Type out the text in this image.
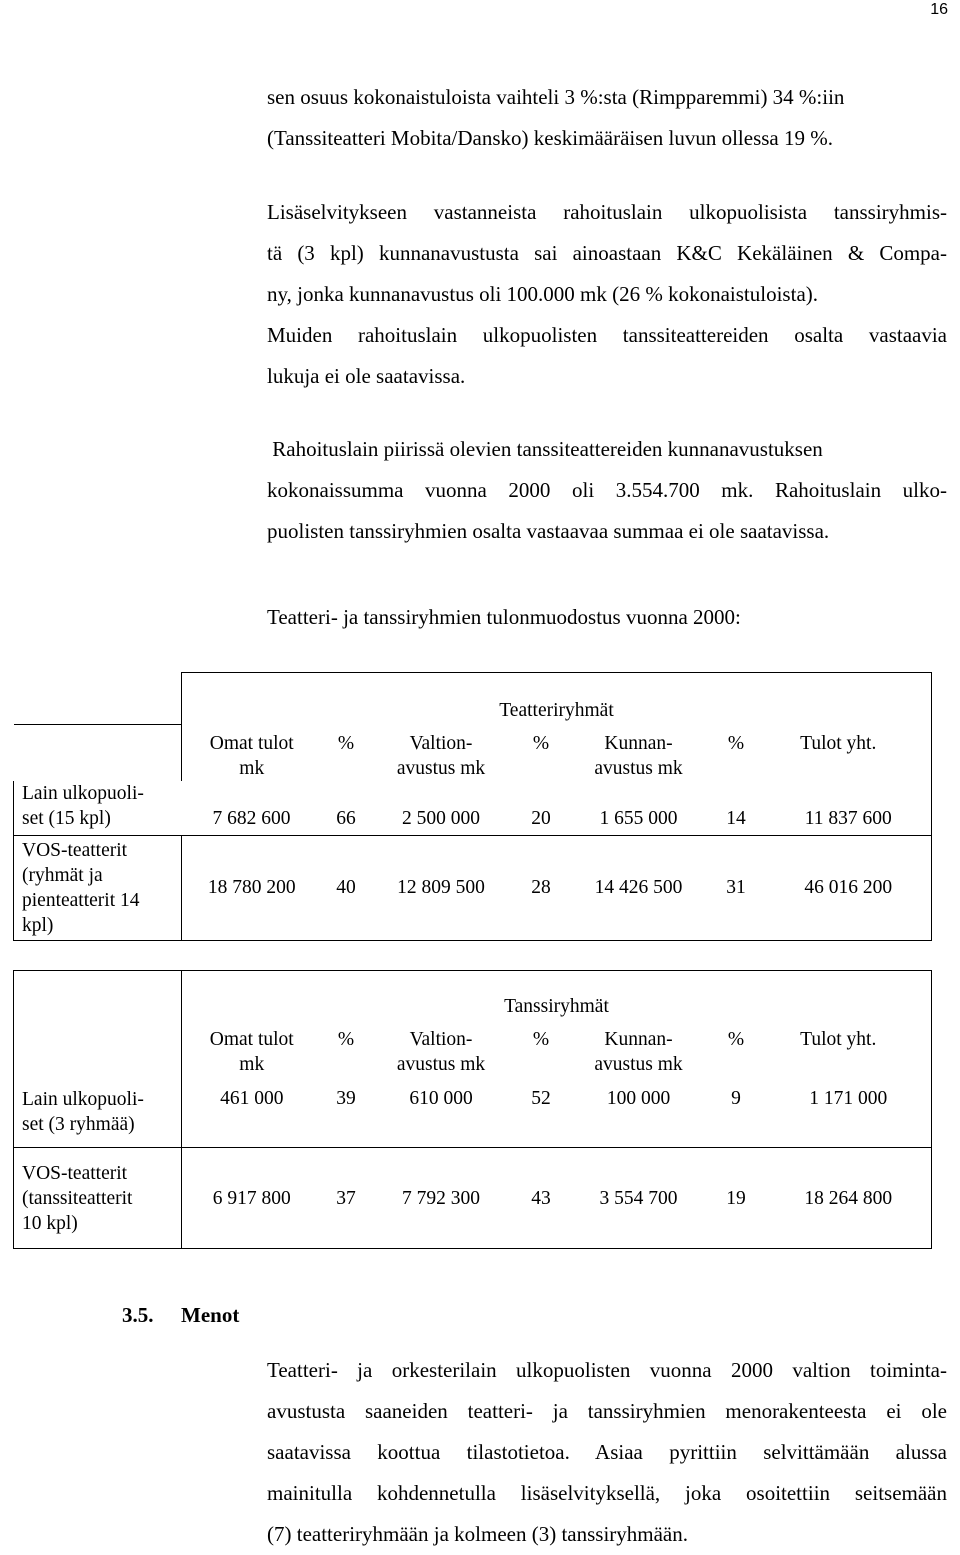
16
sen osuus kokonaistuloista vaihteli 3 %:sta (Rimpparemmi) 34 %:iin
(Tanssiteatteri Mobita/Dansko) keskimääräisen luvun ollessa 19 %.
Lisäselvitykseen vastanneista rahoituslain ulkopuolisista tanssiryhmis-
tä (3 kpl) kunnanavustusta sai ainoastaan K&C Kekäläinen & Compa-
ny, jonka kunnanavustus oli 100.000 mk (26 % kokonaistuloista).
Muiden rahoituslain ulkopuolisten tanssiteattereiden osalta vastaavia
lukuja ei ole saatavissa.
Rahoituslain piirissä olevien tanssiteattereiden kunnanavustuksen
kokonaissumma vuonna 2000 oli 3.554.700 mk. Rahoituslain ulko-
puolisten tanssiryhmien osalta vastaavaa summaa ei ole saatavissa.
Teatteri- ja tanssiryhmien tulonmuodostus vuonna 2000:
	Teatteriryhmät						
	Omat tulot
mk	%	Valtion-
avustus mk	%	Kunnan-
avustus mk	%	Tulot yht.
Lain ulkopuoli-
set (15 kpl)	7 682 600	66	2 500 000	20	1 655 000	14	11 837 600
VOS-teatterit
(ryhmät ja
pienteatterit 14
kpl)	18 780 200	40	12 809 500	28	14 426 500	31	46 016 200
	Tanssiryhmät						
	Omat tulot
mk	%	Valtion-
avustus mk	%	Kunnan-
avustus mk	%	Tulot yht.
Lain ulkopuoli-
set (3 ryhmää)	461 000	39	610 000	52	100 000	9	1 171 000
VOS-teatterit
(tanssiteatterit
10 kpl)	6 917 800	37	7 792 300	43	3 554 700	19	18 264 800
3.5. Menot
Teatteri- ja orkesterilain ulkopuolisten vuonna 2000 valtion toiminta-
avustusta saaneiden teatteri- ja tanssiryhmien menorakenteesta ei ole
saatavissa koottua tilastotietoa. Asiaa pyrittiin selvittämään alussa
mainitulla kohdennetulla lisäselvityksellä, joka osoitettiin seitsemään
(7) teatteriryhmään ja kolmeen (3) tanssiryhmään.
